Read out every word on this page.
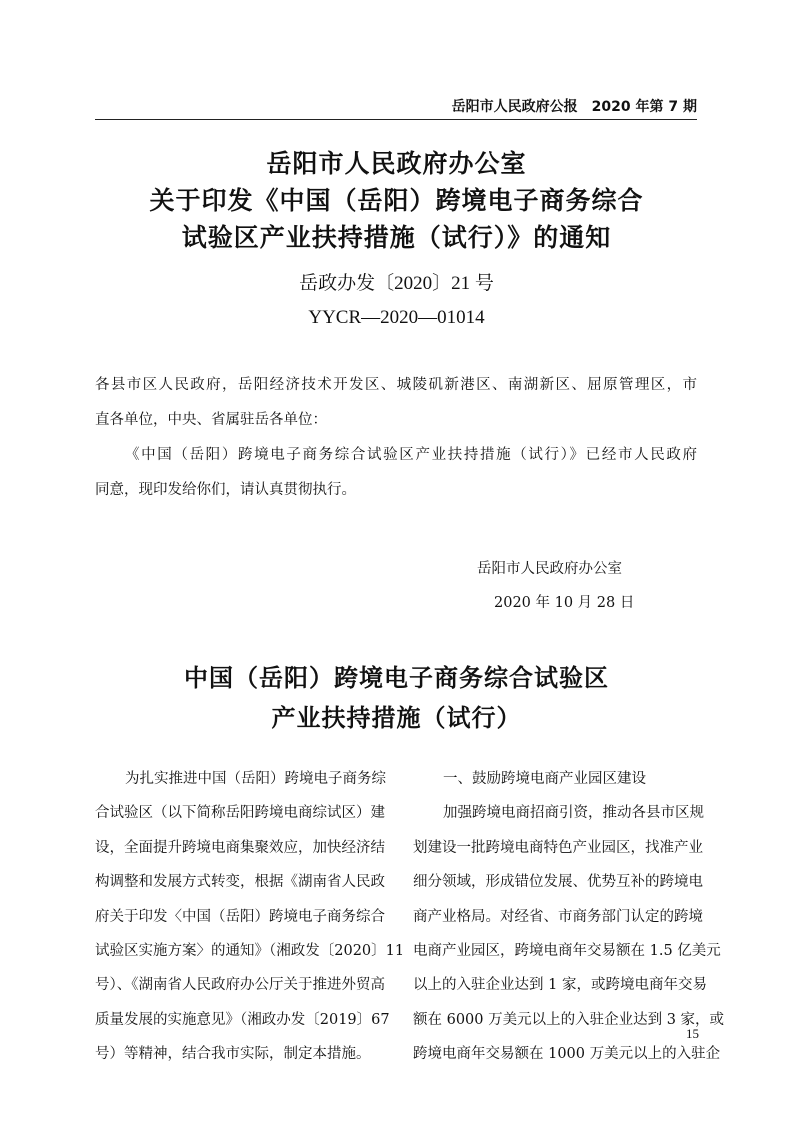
岳阳市人民政府公报　2020 年第 7 期
岳阳市人民政府办公室
关于印发《中国（岳阳）跨境电子商务综合
试验区产业扶持措施（试行）》的通知
岳政办发〔2020〕21 号
YYCR—2020—01014
各县市区人民政府，岳阳经济技术开发区、城陵矶新港区、南湖新区、屈原管理区，市
直各单位，中央、省属驻岳各单位：
《中国（岳阳）跨境电子商务综合试验区产业扶持措施（试行）》已经市人民政府
同意，现印发给你们，请认真贯彻执行。
岳阳市人民政府办公室
2020 年 10 月 28 日
中国（岳阳）跨境电子商务综合试验区
产业扶持措施（试行）
为扎实推进中国（岳阳）跨境电子商务综
合试验区（以下简称岳阳跨境电商综试区）建
设，全面提升跨境电商集聚效应，加快经济结
构调整和发展方式转变，根据《湖南省人民政
府关于印发〈中国（岳阳）跨境电子商务综合
试验区实施方案〉的通知》（湘政发〔2020〕11
号）、《湖南省人民政府办公厅关于推进外贸高
质量发展的实施意见》（湘政办发〔2019〕67
号）等精神，结合我市实际，制定本措施。
一、鼓励跨境电商产业园区建设
加强跨境电商招商引资，推动各县市区规
划建设一批跨境电商特色产业园区，找准产业
细分领域，形成错位发展、优势互补的跨境电
商产业格局。对经省、市商务部门认定的跨境
电商产业园区，跨境电商年交易额在 1.5 亿美元
以上的入驻企业达到 1 家，或跨境电商年交易
额在 6000 万美元以上的入驻企业达到 3 家，或
跨境电商年交易额在 1000 万美元以上的入驻企
15
